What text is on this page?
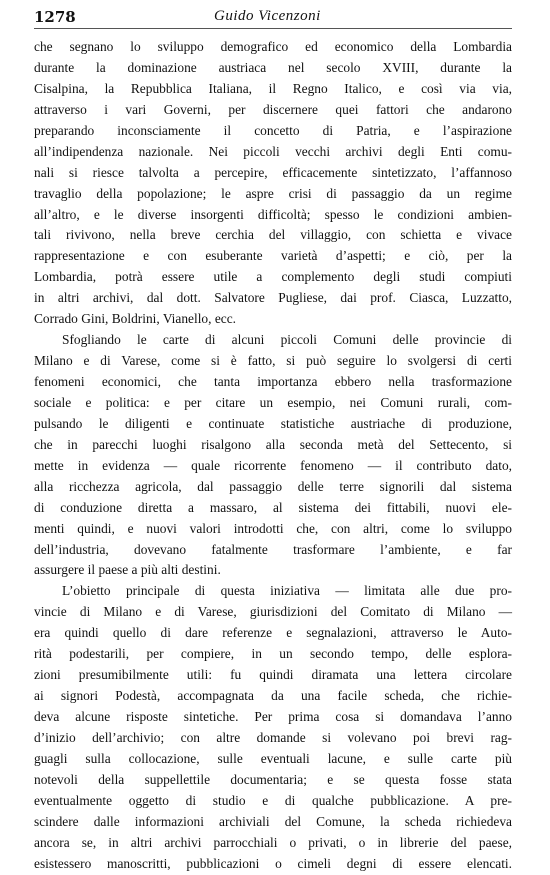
1278	Guido Vicenzoni
che segnano lo sviluppo demografico ed economico della Lombardia
durante la dominazione austriaca nel secolo XVIII, durante la
Cisalpina, la Repubblica Italiana, il Regno Italico, e così via via,
attraverso i vari Governi, per discernere quei fattori che andarono
preparando inconsciamente il concetto di Patria, e l’aspirazione
all’indipendenza nazionale. Nei piccoli vecchi archivi degli Enti comu-
nali si riesce talvolta a percepire, efficacemente sintetizzato, l’affannoso
travaglio della popolazione; le aspre crisi di passaggio da un regime
all’altro, e le diverse insorgenti difficoltà; spesso le condizioni ambien-
tali rivivono, nella breve cerchia del villaggio, con schietta e vivace
rappresentazione e con esuberante varietà d’aspetti; e ciò, per la
Lombardia, potrà essere utile a complemento degli studi compiuti
in altri archivi, dal dott. Salvatore Pugliese, dai prof. Ciasca, Luzzatto,
Corrado Gini, Boldrini, Vianello, ecc.
Sfogliando le carte di alcuni piccoli Comuni delle provincie di
Milano e di Varese, come si è fatto, si può seguire lo svolgersi di certi
fenomeni economici, che tanta importanza ebbero nella trasformazione
sociale e politica: e per citare un esempio, nei Comuni rurali, com-
pulsando le diligenti e continuate statistiche austriache di produzione,
che in parecchi luoghi risalgono alla seconda metà del Settecento, si
mette in evidenza — quale ricorrente fenomeno — il contributo dato,
alla ricchezza agricola, dal passaggio delle terre signorili dal sistema
di conduzione diretta a massaro, al sistema dei fittabili, nuovi ele-
menti quindi, e nuovi valori introdotti che, con altri, come lo sviluppo
dell’industria, dovevano fatalmente trasformare l’ambiente, e far
assurgere il paese a più alti destini.
L’obietto principale di questa iniziativa — limitata alle due pro-
vincie di Milano e di Varese, giurisdizioni del Comitato di Milano —
era quindi quello di dare referenze e segnalazioni, attraverso le Auto-
rità podestarili, per compiere, in un secondo tempo, delle esplora-
zioni presumibilmente utili: fu quindi diramata una lettera circolare
ai signori Podestà, accompagnata da una facile scheda, che richie-
deva alcune risposte sintetiche. Per prima cosa si domandava l’anno
d’inizio dell’archivio; con altre domande si volevano poi brevi rag-
guagli sulla collocazione, sulle eventuali lacune, e sulle carte più
notevoli della suppellettile documentaria; e se questa fosse stata
eventualmente oggetto di studio e di qualche pubblicazione. A pre-
scindere dalle informazioni archiviali del Comune, la scheda richiedeva
ancora se, in altri archivi parrocchiali o privati, o in librerie del paese,
esistessero manoscritti, pubblicazioni o cimeli degni di essere elencati.
